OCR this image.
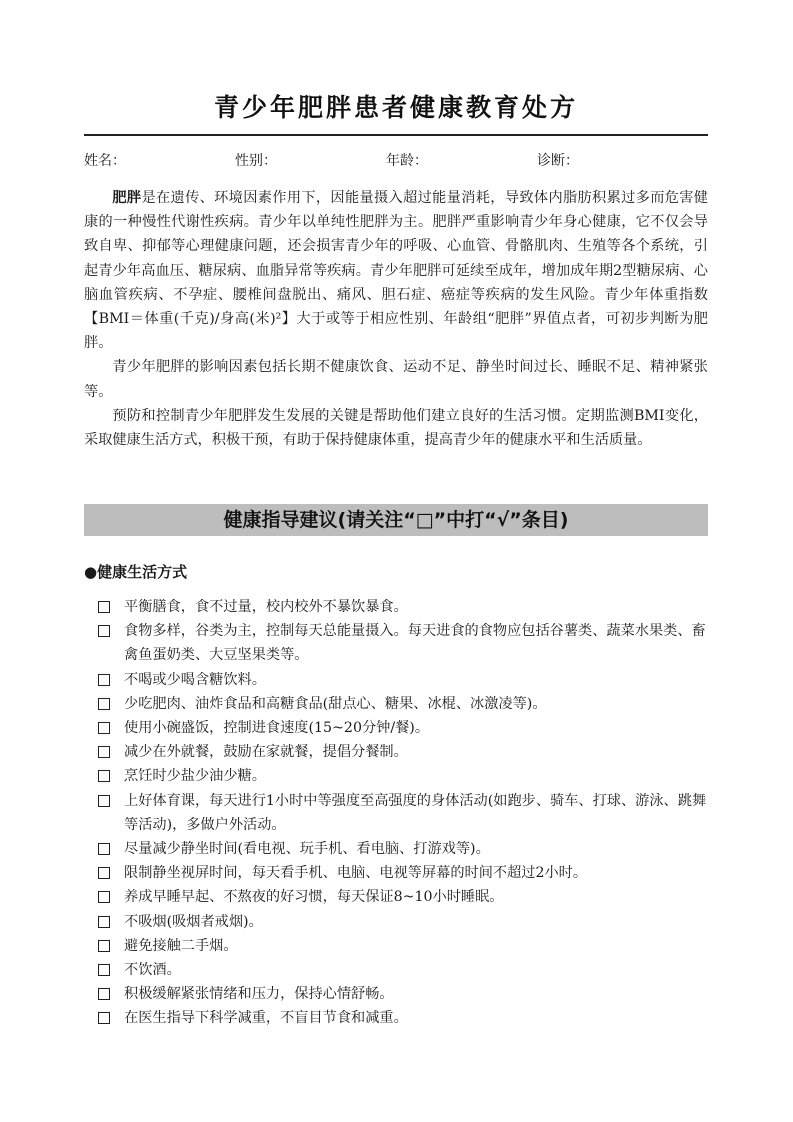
青少年肥胖患者健康教育处方
姓名：	性别：	年龄：	诊断：

肥胖是在遗传、环境因素作用下，因能量摄入超过能量消耗，导致体内脂肪积累过多而危害健康的一种慢性代谢性疾病。青少年以单纯性肥胖为主。肥胖严重影响青少年身心健康，它不仅会导致自卑、抑郁等心理健康问题，还会损害青少年的呼吸、心血管、骨骼肌肉、生殖等各个系统，引起青少年高血压、糖尿病、血脂异常等疾病。青少年肥胖可延续至成年，增加成年期2型糖尿病、心脑血管疾病、不孕症、腰椎间盘脱出、痛风、胆石症、癌症等疾病的发生风险。青少年体重指数【BMI＝体重(千克)/身高(米)²】大于或等于相应性别、年龄组“肥胖”界值点者，可初步判断为肥胖。

青少年肥胖的影响因素包括长期不健康饮食、运动不足、静坐时间过长、睡眠不足、精神紧张等。

预防和控制青少年肥胖发生发展的关键是帮助他们建立良好的生活习惯。定期监测BMI变化，采取健康生活方式，积极干预，有助于保持健康体重，提高青少年的健康水平和生活质量。

健康指导建议(请关注“□”中打“√”条目)
●健康生活方式
平衡膳食，食不过量，校内校外不暴饮暴食。
食物多样，谷类为主，控制每天总能量摄入。每天进食的食物应包括谷薯类、蔬菜水果类、畜禽鱼蛋奶类、大豆坚果类等。
不喝或少喝含糖饮料。
少吃肥肉、油炸食品和高糖食品(甜点心、糖果、冰棍、冰激凌等)。
使用小碗盛饭，控制进食速度(15~20分钟/餐)。
减少在外就餐，鼓励在家就餐，提倡分餐制。
烹饪时少盐少油少糖。
上好体育课，每天进行1小时中等强度至高强度的身体活动(如跑步、骑车、打球、游泳、跳舞等活动)，多做户外活动。
尽量减少静坐时间(看电视、玩手机、看电脑、打游戏等)。
限制静坐视屏时间，每天看手机、电脑、电视等屏幕的时间不超过2小时。
养成早睡早起、不熬夜的好习惯，每天保证8~10小时睡眠。
不吸烟(吸烟者戒烟)。
避免接触二手烟。
不饮酒。
积极缓解紧张情绪和压力，保持心情舒畅。
在医生指导下科学减重，不盲目节食和减重。
